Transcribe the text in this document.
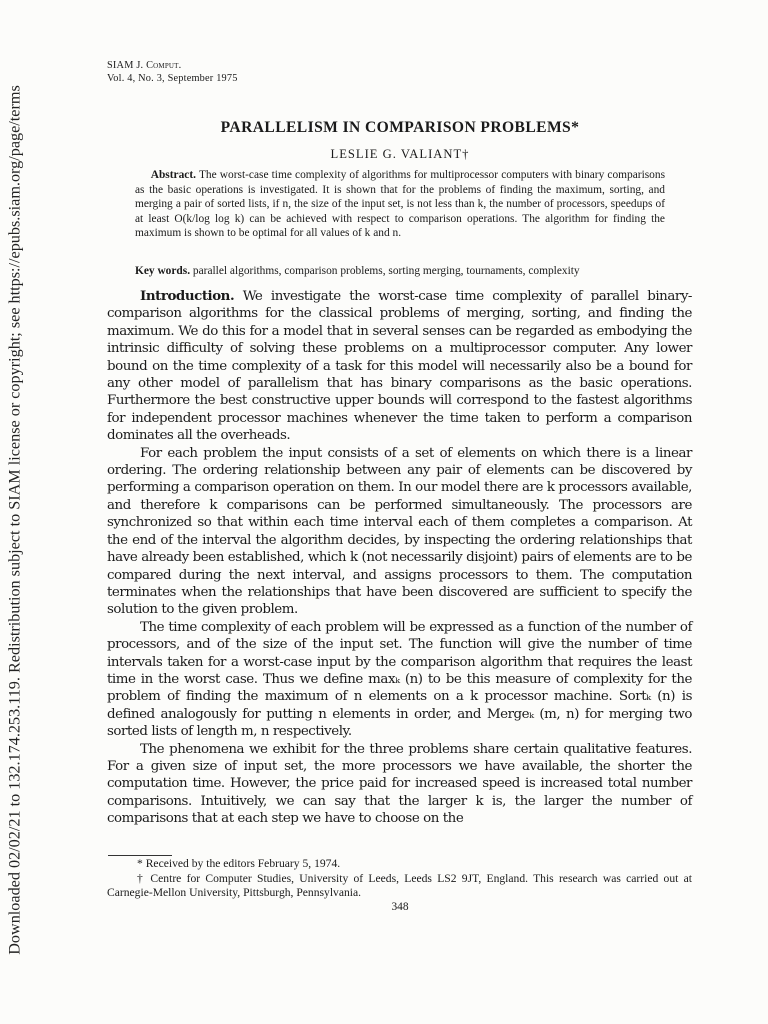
Downloaded 02/02/21 to 132.174.253.119. Redistribution subject to SIAM license or copyright; see https://epubs.siam.org/page/terms
SIAM J. Comput.
Vol. 4, No. 3, September 1975
PARALLELISM IN COMPARISON PROBLEMS*
LESLIE G. VALIANT†

Abstract. The worst-case time complexity of algorithms for multiprocessor computers with binary comparisons as the basic operations is investigated. It is shown that for the problems of finding the maximum, sorting, and merging a pair of sorted lists, if n, the size of the input set, is not less than k, the number of processors, speedups of at least O(k/log log k) can be achieved with respect to comparison operations. The algorithm for finding the maximum is shown to be optimal for all values of k and n.

Key words. parallel algorithms, comparison problems, sorting merging, tournaments, complexity

Introduction. We investigate the worst-case time complexity of parallel binary-comparison algorithms for the classical problems of merging, sorting, and finding the maximum. We do this for a model that in several senses can be regarded as embodying the intrinsic difficulty of solving these problems on a multiprocessor computer. Any lower bound on the time complexity of a task for this model will necessarily also be a bound for any other model of parallelism that has binary comparisons as the basic operations. Furthermore the best constructive upper bounds will correspond to the fastest algorithms for independent processor machines whenever the time taken to perform a comparison dominates all the overheads.

For each problem the input consists of a set of elements on which there is a linear ordering. The ordering relationship between any pair of elements can be discovered by performing a comparison operation on them. In our model there are k processors available, and therefore k comparisons can be performed simultaneously. The processors are synchronized so that within each time interval each of them completes a comparison. At the end of the interval the algorithm decides, by inspecting the ordering relationships that have already been established, which k (not necessarily disjoint) pairs of elements are to be compared during the next interval, and assigns processors to them. The computation terminates when the relationships that have been discovered are sufficient to specify the solution to the given problem.

The time complexity of each problem will be expressed as a function of the number of processors, and of the size of the input set. The function will give the number of time intervals taken for a worst-case input by the comparison algorithm that requires the least time in the worst case. Thus we define maxₖ (n) to be this measure of complexity for the problem of finding the maximum of n elements on a k processor machine. Sortₖ (n) is defined analogously for putting n elements in order, and Mergeₖ (m, n) for merging two sorted lists of length m, n respectively.

The phenomena we exhibit for the three problems share certain qualitative features. For a given size of input set, the more processors we have available, the shorter the computation time. However, the price paid for increased speed is increased total number comparisons. Intuitively, we can say that the larger k is, the larger the number of comparisons that at each step we have to choose on the

* Received by the editors February 5, 1974.

† Centre for Computer Studies, University of Leeds, Leeds LS2 9JT, England. This research was carried out at Carnegie-Mellon University, Pittsburgh, Pennsylvania.

348
